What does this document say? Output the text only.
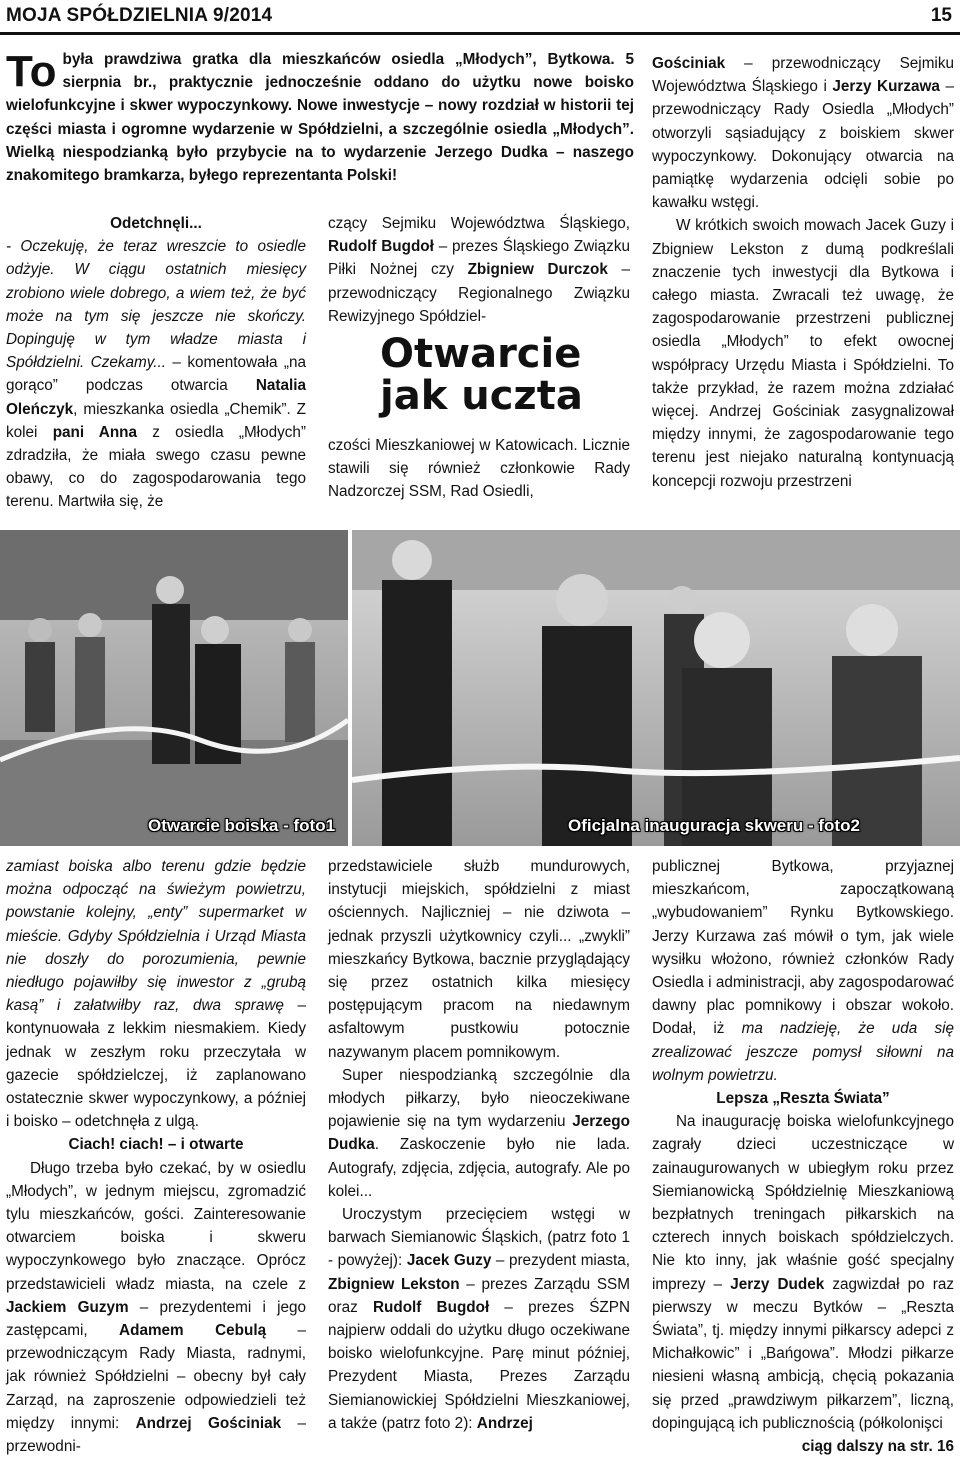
MOJA SPÓŁDZIELNIA 9/2014	15
To była prawdziwa gratka dla mieszkańców osiedla „Młodych”, Bytkowa. 5 sierpnia br., praktycznie jednocześnie oddano do użytku nowe boisko wielofunkcyjne i skwer wypoczynkowy. Nowe inwestycje – nowy rozdział w historii tej części miasta i ogromne wydarzenie w Spółdzielni, a szczególnie osiedla „Młodych”. Wielką niespodzianką było przybycie na to wydarzenie Jerzego Dudka – naszego znakomitego bramkarza, byłego reprezentanta Polski!

Odetchnęli...

- Oczekuję, że teraz wreszcie to osiedle odżyje. W ciągu ostatnich miesięcy zrobiono wiele dobrego, a wiem też, że być może na tym się jeszcze nie skończy. Dopinguję w tym władze miasta i Spółdzielni. Czekamy... – komentowała „na gorąco” podczas otwarcia Natalia Oleńczyk, mieszkanka osiedla „Chemik”. Z kolei pani Anna z osiedla „Młodych” zdradziła, że miała swego czasu pewne obawy, co do zagospodarowania tego terenu. Martwiła się, że

czący Sejmiku Województwa Śląskiego, Rudolf Bugdoł – prezes Śląskiego Związku Piłki Nożnej czy Zbigniew Durczok – przewodniczący Regionalnego Związku Rewizyjnego Spółdziel-

Otwarcie
jak uczta

czości Mieszkaniowej w Katowicach. Licznie stawili się również członkowie Rady Nadzorczej SSM, Rad Osiedli,

Gościniak – przewodniczący Sejmiku Województwa Śląskiego i Jerzy Kurzawa – przewodniczący Rady Osiedla „Młodych” otworzyli sąsiadujący z boiskiem skwer wypoczynkowy. Dokonujący otwarcia na pamiątkę wydarzenia odcięli sobie po kawałku wstęgi.

W krótkich swoich mowach Jacek Guzy i Zbigniew Lekston z dumą podkreślali znaczenie tych inwestycji dla Bytkowa i całego miasta. Zwracali też uwagę, że zagospodarowanie przestrzeni publicznej osiedla „Młodych” to efekt owocnej współpracy Urzędu Miasta i Spółdzielni. To także przykład, że razem można zdziałać więcej. Andrzej Gościniak zasygnalizował między innymi, że zagospodarowanie tego terenu jest niejako naturalną kontynuacją koncepcji rozwoju przestrzeni

Otwarcie boiska - foto1	Oficjalna inauguracja skweru - foto2

zamiast boiska albo terenu gdzie będzie można odpocząć na świeżym powietrzu, powstanie kolejny, „enty” supermarket w mieście. Gdyby Spółdzielnia i Urząd Miasta nie doszły do porozumienia, pewnie niedługo pojawiłby się inwestor z „grubą kasą” i załatwiłby raz, dwa sprawę – kontynuowała z lekkim niesmakiem. Kiedy jednak w zeszłym roku przeczytała w gazecie spółdzielczej, iż zaplanowano ostatecznie skwer wypoczynkowy, a później i boisko – odetchnęła z ulgą.

Ciach! ciach! – i otwarte

Długo trzeba było czekać, by w osiedlu „Młodych”, w jednym miejscu, zgromadzić tylu mieszkańców, gości. Zainteresowanie otwarciem boiska i skweru wypoczynkowego było znaczące. Oprócz przedstawicieli władz miasta, na czele z Jackiem Guzym – prezydentemi i jego zastępcami, Adamem Cebulą – przewodniczącym Rady Miasta, radnymi, jak również Spółdzielni – obecny był cały Zarząd, na zaproszenie odpowiedzieli też między innymi: Andrzej Gościniak – przewodni-

przedstawiciele służb mundurowych, instytucji miejskich, spółdzielni z miast ościennych. Najliczniej – nie dziwota – jednak przyszli użytkownicy czyli... „zwykli” mieszkańcy Bytkowa, bacznie przyglądający się przez ostatnich kilka miesięcy postępującym pracom na niedawnym asfaltowym pustkowiu potocznie nazywanym placem pomnikowym.

Super niespodzianką szczególnie dla młodych piłkarzy, było nieoczekiwane pojawienie się na tym wydarzeniu Jerzego Dudka. Zaskoczenie było nie lada. Autografy, zdjęcia, zdjęcia, autografy. Ale po kolei...

Uroczystym przecięciem wstęgi w barwach Siemianowic Śląskich, (patrz foto 1 - powyżej): Jacek Guzy – prezydent miasta, Zbigniew Lekston – prezes Zarządu SSM oraz Rudolf Bugdoł – prezes ŚZPN najpierw oddali do użytku długo oczekiwane boisko wielofunkcyjne. Parę minut później, Prezydent Miasta, Prezes Zarządu Siemianowickiej Spółdzielni Mieszkaniowej, a także (patrz foto 2): Andrzej

publicznej Bytkowa, przyjaznej mieszkańcom, zapoczątkowaną „wybudowaniem” Rynku Bytkowskiego. Jerzy Kurzawa zaś mówił o tym, jak wiele wysiłku włożono, również członków Rady Osiedla i administracji, aby zagospodarować dawny plac pomnikowy i obszar wokoło. Dodał, iż ma nadzieję, że uda się zrealizować jeszcze pomysł siłowni na wolnym powietrzu.

Lepsza „Reszta Świata”

Na inaugurację boiska wielofunkcyjnego zagrały dzieci uczestniczące w zainaugurowanych w ubiegłym roku przez Siemianowicką Spółdzielnię Mieszkaniową bezpłatnych treningach piłkarskich na czterech innych boiskach spółdzielczych. Nie kto inny, jak właśnie gość specjalny imprezy – Jerzy Dudek zagwizdał po raz pierwszy w meczu Bytków – „Reszta Świata”, tj. między innymi piłkarscy adepci z Michałkowic” i „Bańgowa”. Młodzi piłkarze niesieni własną ambicją, chęcią pokazania się przed „prawdziwym piłkarzem”, liczną, dopingującą ich publicznością (półkolonişci

ciąg dalszy na str. 16
